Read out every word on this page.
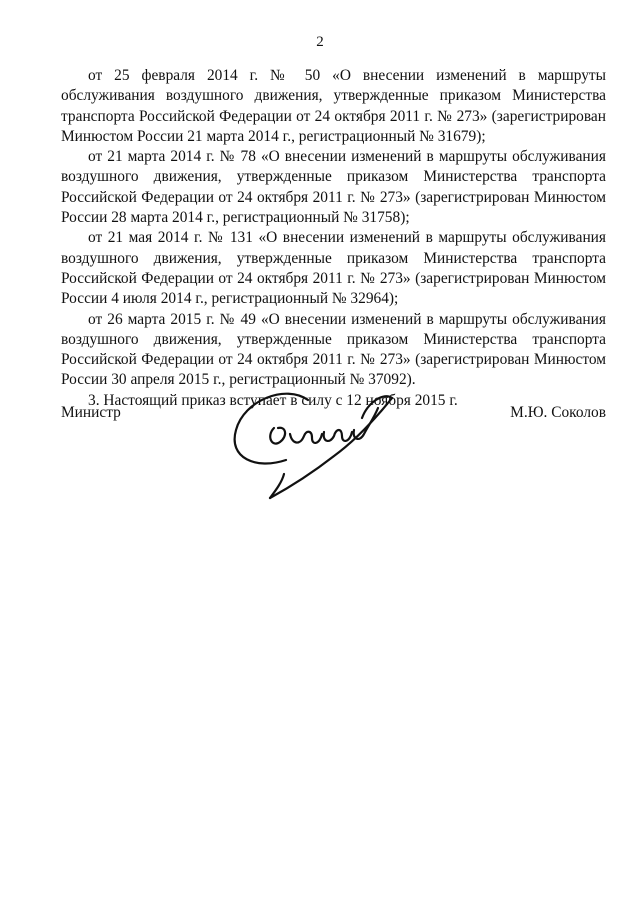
2

от 25 февраля 2014 г. № 50 «О внесении изменений в маршруты обслуживания воздушного движения, утвержденные приказом Министерства транспорта Российской Федерации от 24 октября 2011 г. № 273» (зарегистрирован Минюстом России 21 марта 2014 г., регистрационный № 31679);

от 21 марта 2014 г. № 78 «О внесении изменений в маршруты обслуживания воздушного движения, утвержденные приказом Министерства транспорта Российской Федерации от 24 октября 2011 г. № 273» (зарегистрирован Минюстом России 28 марта 2014 г., регистрационный № 31758);

от 21 мая 2014 г. № 131 «О внесении изменений в маршруты обслуживания воздушного движения, утвержденные приказом Министерства транспорта Российской Федерации от 24 октября 2011 г. № 273» (зарегистрирован Минюстом России 4 июля 2014 г., регистрационный № 32964);

от 26 марта 2015 г. № 49 «О внесении изменений в маршруты обслуживания воздушного движения, утвержденные приказом Министерства транспорта Российской Федерации от 24 октября 2011 г. № 273» (зарегистрирован Минюстом России 30 апреля 2015 г., регистрационный № 37092).

3. Настоящий приказ вступает в силу с 12 ноября 2015 г.

Министр	М.Ю. Соколов
